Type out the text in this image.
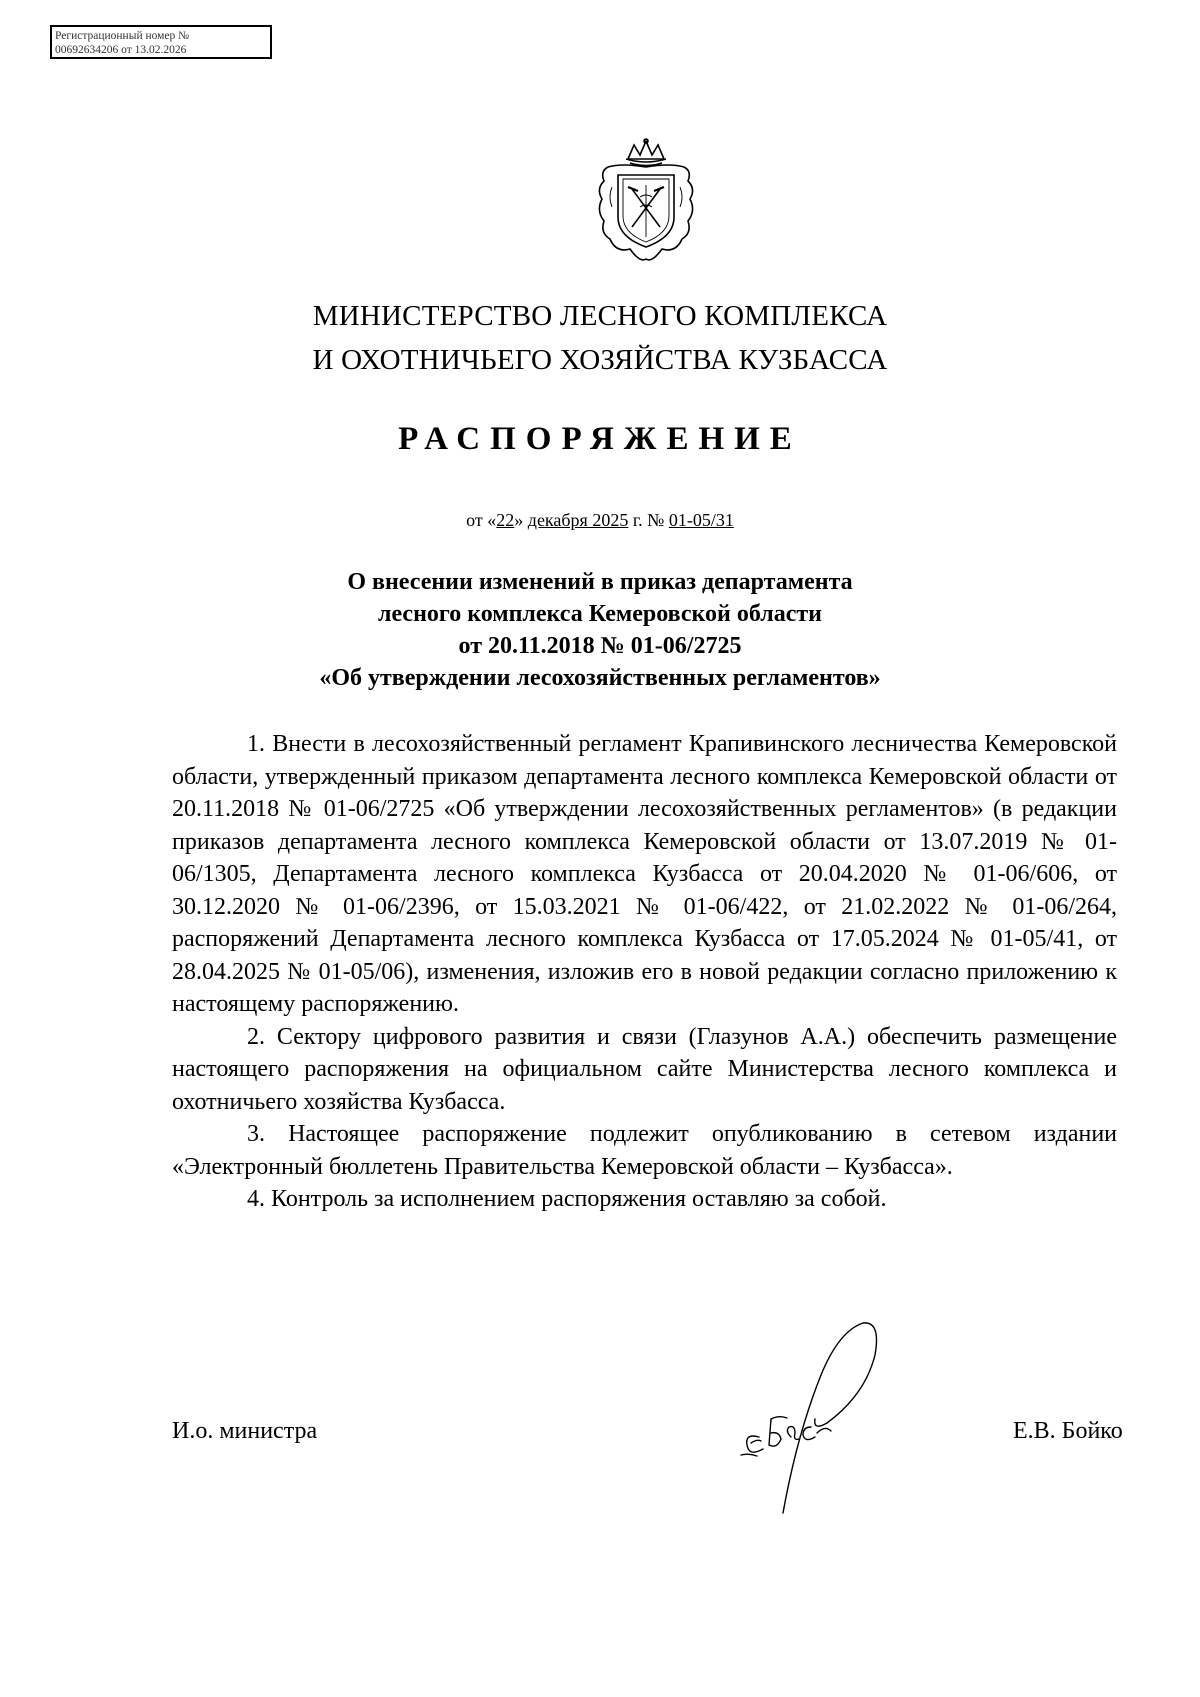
Регистрационный номер №
00692634206 от 13.02.2026
МИНИСТЕРСТВО ЛЕСНОГО КОМПЛЕКСА
И ОХОТНИЧЬЕГО ХОЗЯЙСТВА КУЗБАССА
РАСПОРЯЖЕНИЕ
от «22» декабря 2025 г. № 01-05/31
О внесении изменений в приказ департамента
лесного комплекса Кемеровской области
от 20.11.2018 № 01-06/2725
«Об утверждении лесохозяйственных регламентов»

1. Внести в лесохозяйственный регламент Крапивинского лесничества Кемеровской области, утвержденный приказом департамента лесного комплекса Кемеровской области от 20.11.2018 № 01-06/2725 «Об утверждении лесохозяйственных регламентов» (в редакции приказов департамента лесного комплекса Кемеровской области от 13.07.2019 № 01-06/1305, Департамента лесного комплекса Кузбасса от 20.04.2020 № 01-06/606, от 30.12.2020 № 01-06/2396, от 15.03.2021 № 01-06/422, от 21.02.2022 № 01-06/264, распоряжений Департамента лесного комплекса Кузбасса от 17.05.2024 № 01-05/41, от 28.04.2025 № 01-05/06), изменения, изложив его в новой редакции согласно приложению к настоящему распоряжению.

2. Сектору цифрового развития и связи (Глазунов А.А.) обеспечить размещение настоящего распоряжения на официальном сайте Министерства лесного комплекса и охотничьего хозяйства Кузбасса.

3. Настоящее распоряжение подлежит опубликованию в сетевом издании «Электронный бюллетень Правительства Кемеровской области – Кузбасса».

4. Контроль за исполнением распоряжения оставляю за собой.

И.о. министра	Е.В. Бойко
